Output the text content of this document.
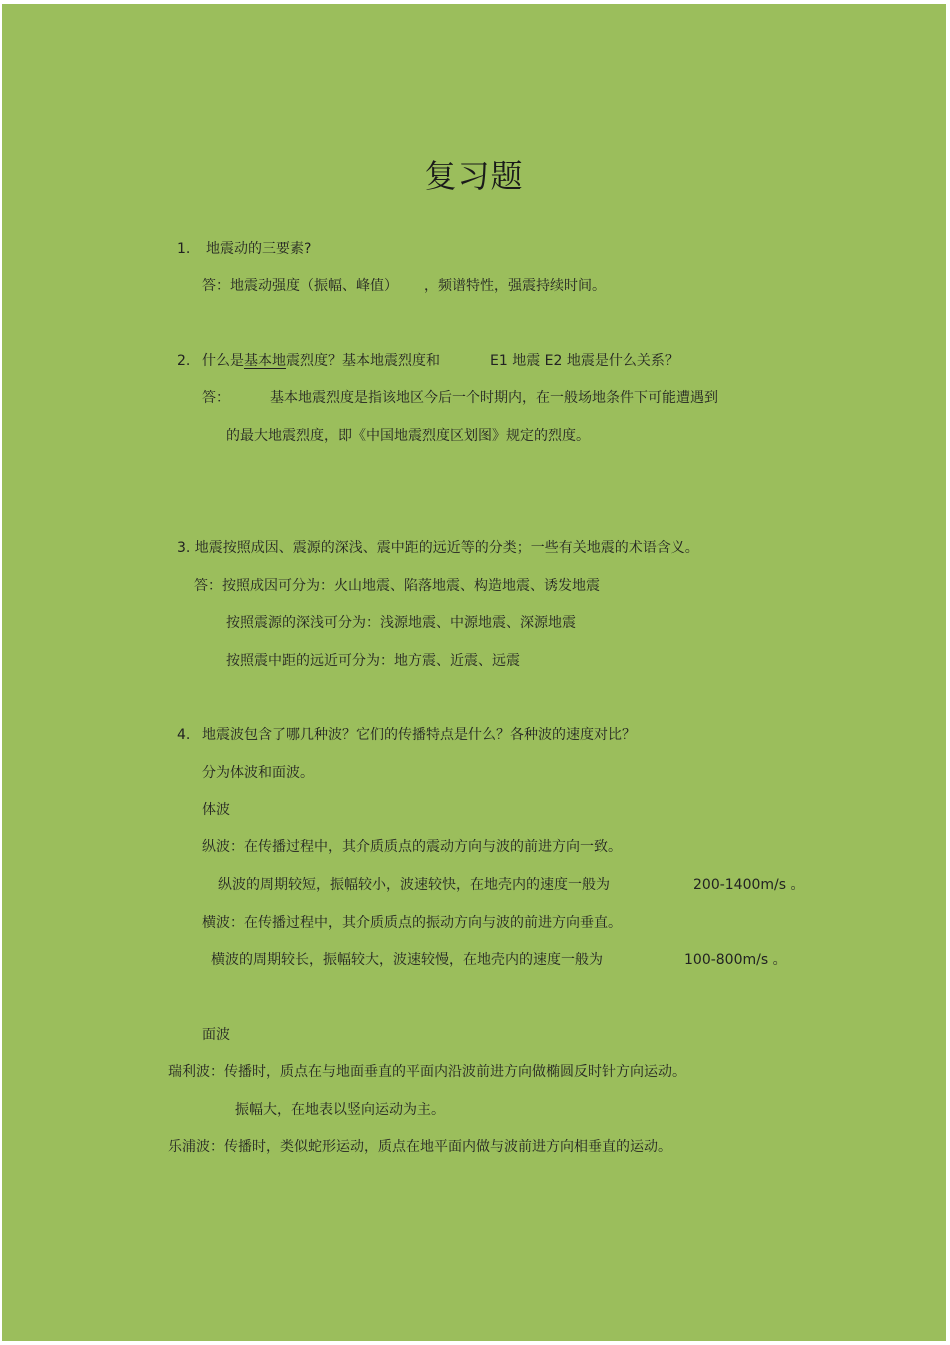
复习题
1. 地震动的三要素?
答：地震动强度（振幅、峰值） ，频谱特性，强震持续时间。
2. 什么是基本地震烈度？基本地震烈度和	E1 地震 E2 地震是什么关系？
答：	基本地震烈度是指该地区今后一个时期内，在一般场地条件下可能遭遇到
的最大地震烈度，即《中国地震烈度区划图》规定的烈度。
3. 地震按照成因、震源的深浅、震中距的远近等的分类；一些有关地震的术语含义。
答：按照成因可分为：火山地震、陷落地震、构造地震、诱发地震
按照震源的深浅可分为：浅源地震、中源地震、深源地震
按照震中距的远近可分为：地方震、近震、远震
4. 地震波包含了哪几种波？它们的传播特点是什么？各种波的速度对比？
分为体波和面波。
体波
纵波：在传播过程中，其介质质点的震动方向与波的前进方向一致。
纵波的周期较短，振幅较小，波速较快，在地壳内的速度一般为	200-1400m/s 。
横波：在传播过程中，其介质质点的振动方向与波的前进方向垂直。
横波的周期较长，振幅较大，波速较慢，在地壳内的速度一般为	100-800m/s 。
面波
瑞利波：传播时，质点在与地面垂直的平面内沿波前进方向做椭圆反时针方向运动。
振幅大，在地表以竖向运动为主。
乐浦波：传播时，类似蛇形运动，质点在地平面内做与波前进方向相垂直的运动。
